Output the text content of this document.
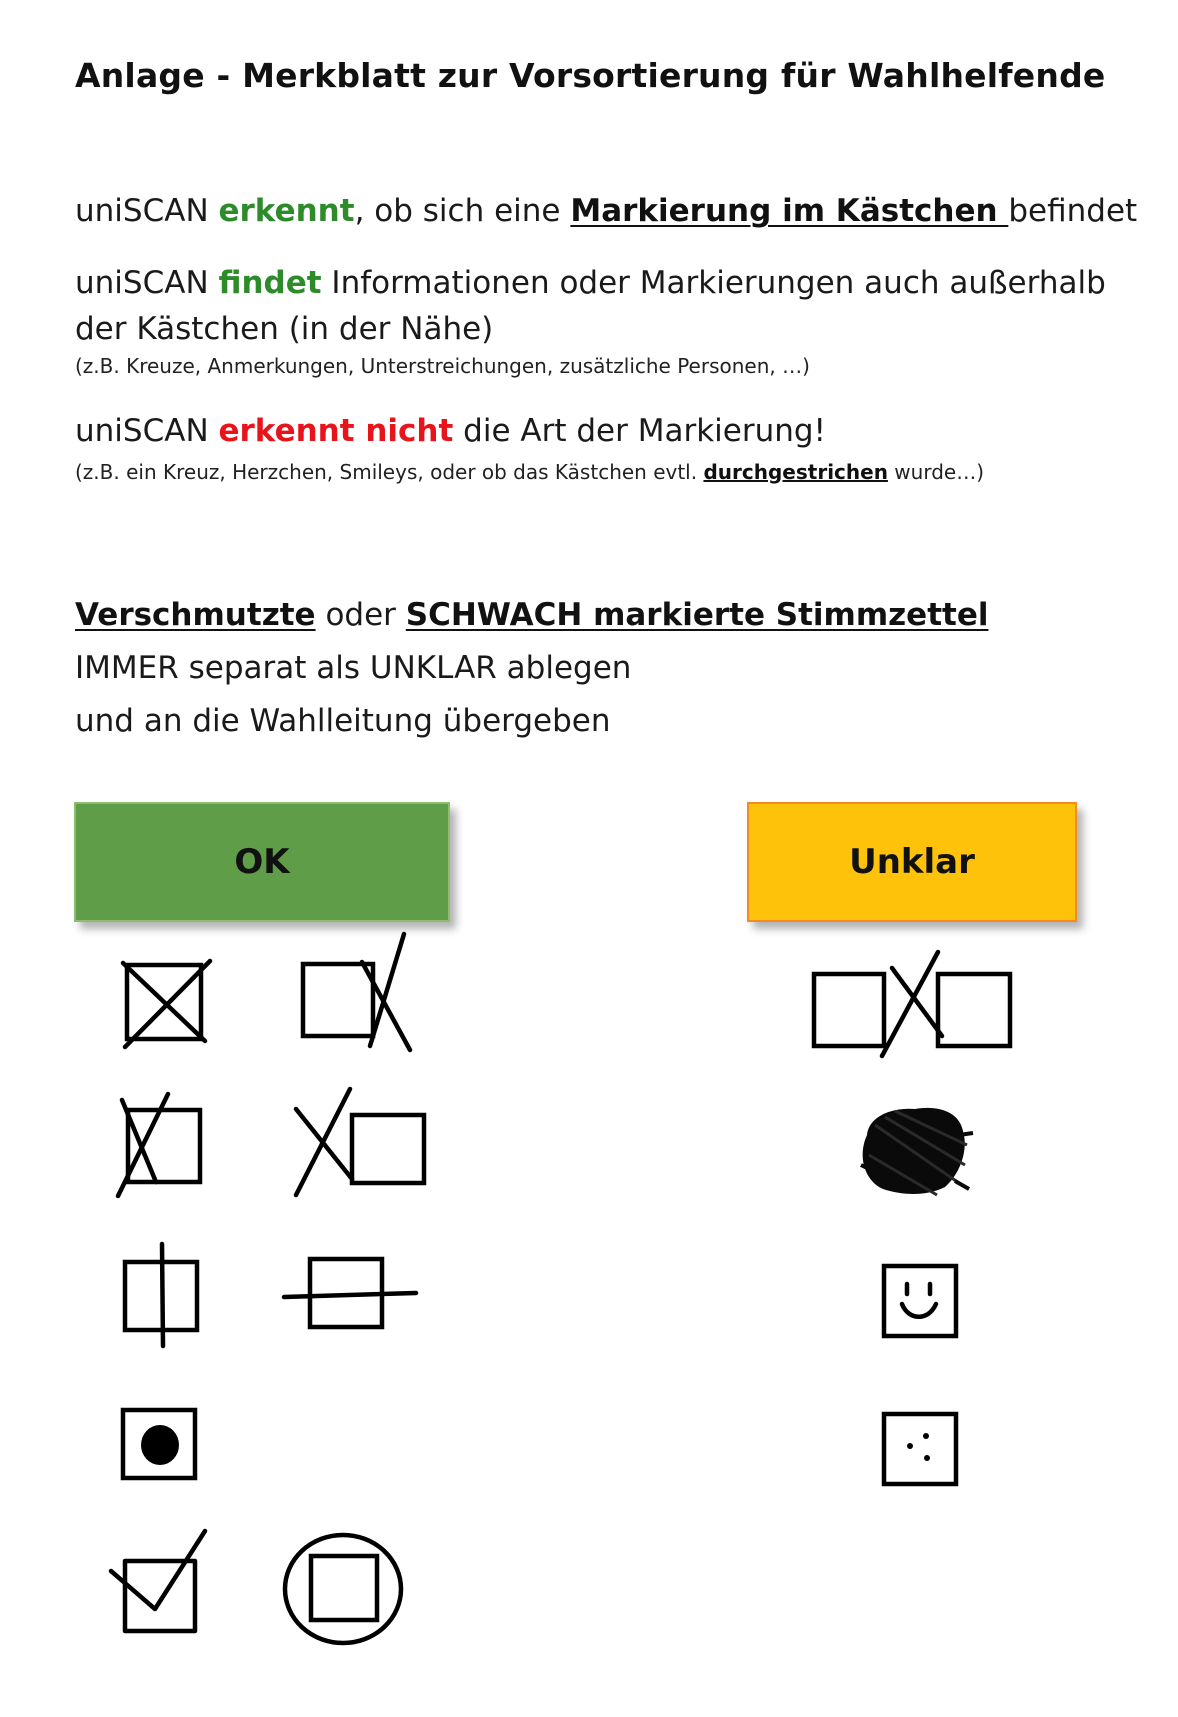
Anlage - Merkblatt zur Vorsortierung für Wahlhelfende

uniSCAN erkennt, ob sich eine Markierung im Kästchen befindet

uniSCAN findet Informationen oder Markierungen auch außerhalb

der Kästchen (in der Nähe)

(z.B. Kreuze, Anmerkungen, Unterstreichungen, zusätzliche Personen, …)

uniSCAN erkennt nicht die Art der Markierung!

(z.B. ein Kreuz, Herzchen, Smileys, oder ob das Kästchen evtl. durchgestrichen wurde…)

Verschmutzte oder SCHWACH markierte Stimmzettel

IMMER separat als UNKLAR ablegen

und an die Wahlleitung übergeben

OK	Unklar
